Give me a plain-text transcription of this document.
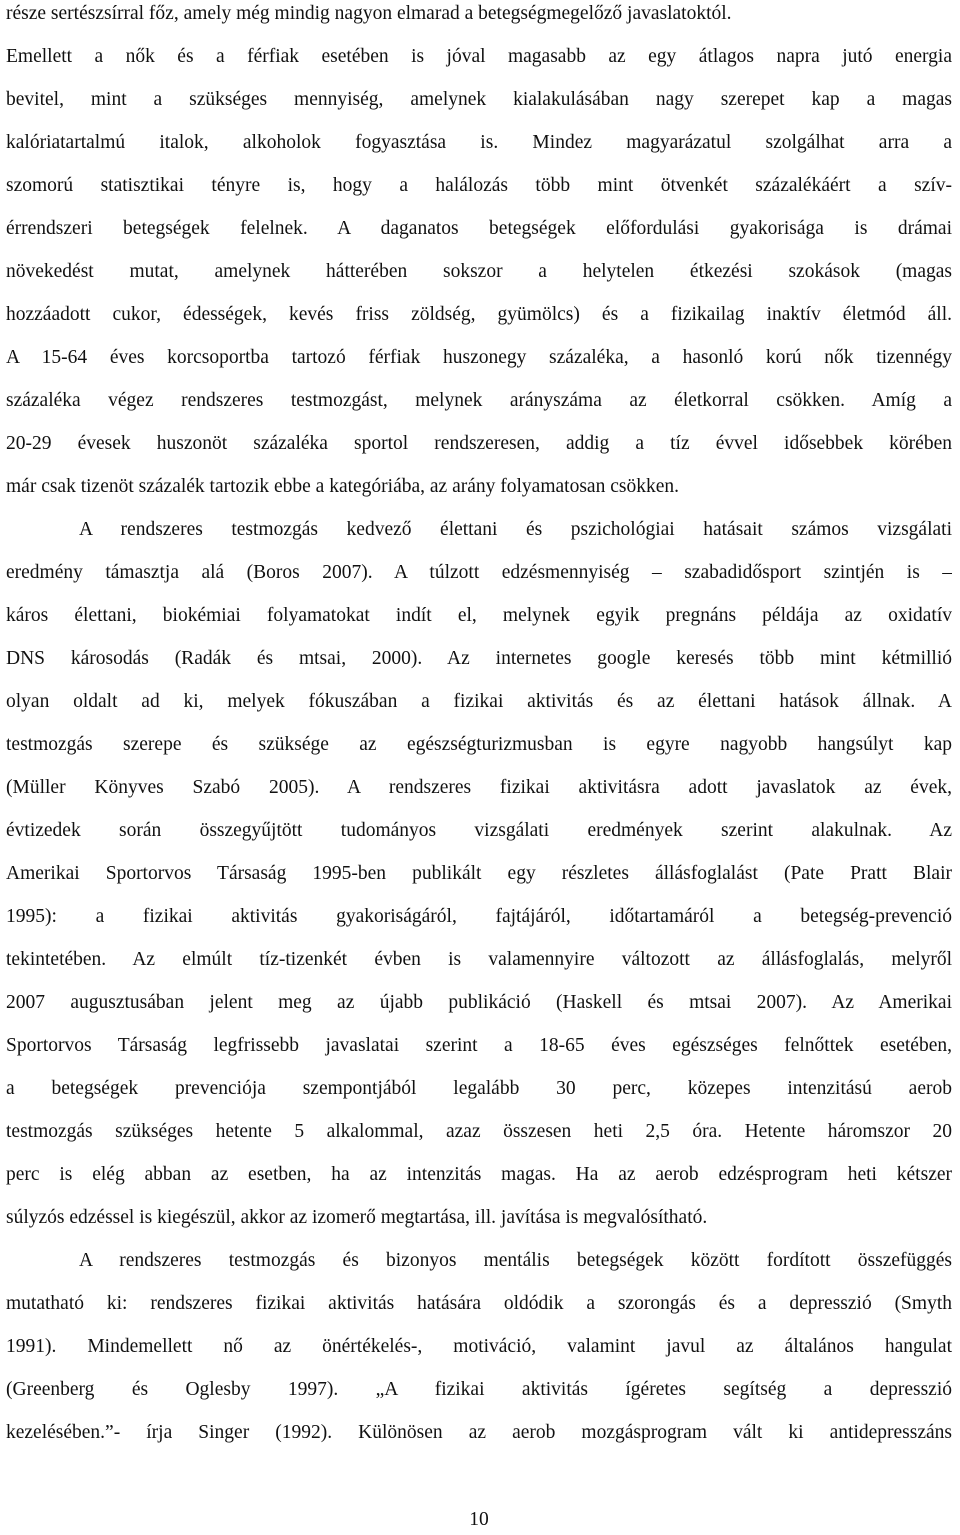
része sertészsírral főz, amely még mindig nagyon elmarad a betegségmegelőző javaslatoktól.
Emellett a nők és a férfiak esetében is jóval magasabb az egy átlagos napra jutó energia
bevitel, mint a szükséges mennyiség, amelynek kialakulásában nagy szerepet kap a magas
kalóriatartalmú italok, alkoholok fogyasztása is. Mindez magyarázatul szolgálhat arra a
szomorú statisztikai tényre is, hogy a halálozás több mint ötvenkét százalékáért a szív-
érrendszeri betegségek felelnek. A daganatos betegségek előfordulási gyakorisága is drámai
növekedést mutat, amelynek hátterében sokszor a helytelen étkezési szokások (magas
hozzáadott cukor, édességek, kevés friss zöldség, gyümölcs) és a fizikailag inaktív életmód áll.
A 15-64 éves korcsoportba tartozó férfiak huszonegy százaléka, a hasonló korú nők tizennégy
százaléka végez rendszeres testmozgást, melynek arányszáma az életkorral csökken. Amíg a
20-29 évesek huszonöt százaléka sportol rendszeresen, addig a tíz évvel idősebbek körében
már csak tizenöt százalék tartozik ebbe a kategóriába, az arány folyamatosan csökken.
A rendszeres testmozgás kedvező élettani és pszichológiai hatásait számos vizsgálati
eredmény támasztja alá (Boros 2007). A túlzott edzésmennyiség – szabadidősport szintjén is –
káros élettani, biokémiai folyamatokat indít el, melynek egyik pregnáns példája az oxidatív
DNS károsodás (Radák és mtsai, 2000). Az internetes google keresés több mint kétmillió
olyan oldalt ad ki, melyek fókuszában a fizikai aktivitás és az élettani hatások állnak. A
testmozgás szerepe és szüksége az egészségturizmusban is egyre nagyobb hangsúlyt kap
(Müller Könyves Szabó 2005). A rendszeres fizikai aktivitásra adott javaslatok az évek,
évtizedek során összegyűjtött tudományos vizsgálati eredmények szerint alakulnak. Az
Amerikai Sportorvos Társaság 1995-ben publikált egy részletes állásfoglalást (Pate Pratt Blair
1995): a fizikai aktivitás gyakoriságáról, fajtájáról, időtartamáról a betegség-prevenció
tekintetében. Az elmúlt tíz-tizenkét évben is valamennyire változott az állásfoglalás, melyről
2007 augusztusában jelent meg az újabb publikáció (Haskell és mtsai 2007). Az Amerikai
Sportorvos Társaság legfrissebb javaslatai szerint a 18-65 éves egészséges felnőttek esetében,
a betegségek prevenciója szempontjából legalább 30 perc, közepes intenzitású aerob
testmozgás szükséges hetente 5 alkalommal, azaz összesen heti 2,5 óra. Hetente háromszor 20
perc is elég abban az esetben, ha az intenzitás magas. Ha az aerob edzésprogram heti kétszer
súlyzós edzéssel is kiegészül, akkor az izomerő megtartása, ill. javítása is megvalósítható.
A rendszeres testmozgás és bizonyos mentális betegségek között fordított összefüggés
mutatható ki: rendszeres fizikai aktivitás hatására oldódik a szorongás és a depresszió (Smyth
1991). Mindemellett nő az önértékelés-, motiváció, valamint javul az általános hangulat
(Greenberg és Oglesby 1997). „A fizikai aktivitás ígéretes segítség a depresszió
kezelésében.”- írja Singer (1992). Különösen az aerob mozgásprogram vált ki antidepresszáns
10
